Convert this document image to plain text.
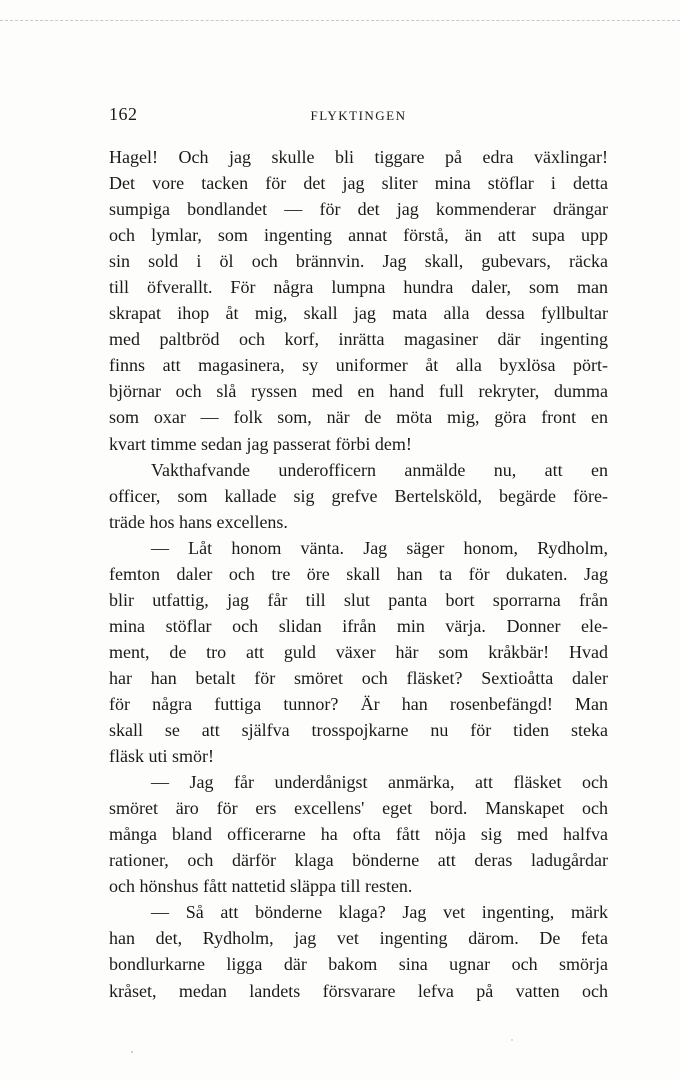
162	FLYKTINGEN
Hagel! Och jag skulle bli tiggare på edra växlingar!
Det vore tacken för det jag sliter mina stöflar i detta
sumpiga bondlandet — för det jag kommenderar drängar
och lymlar, som ingenting annat förstå, än att supa upp
sin sold i öl och brännvin. Jag skall, gubevars, räcka
till öfverallt. För några lumpna hundra daler, som man
skrapat ihop åt mig, skall jag mata alla dessa fyllbultar
med paltbröd och korf, inrätta magasiner där ingenting
finns att magasinera, sy uniformer åt alla byxlösa pört-
björnar och slå ryssen med en hand full rekryter, dumma
som oxar — folk som, när de möta mig, göra front en
kvart timme sedan jag passerat förbi dem!
Vakthafvande underofficern anmälde nu, att en
officer, som kallade sig grefve Bertelsköld, begärde före-
träde hos hans excellens.
— Låt honom vänta. Jag säger honom, Rydholm,
femton daler och tre öre skall han ta för dukaten. Jag
blir utfattig, jag får till slut panta bort sporrarna från
mina stöflar och slidan ifrån min värja. Donner ele-
ment, de tro att guld växer här som kråkbär! Hvad
har han betalt för smöret och fläsket? Sextioåtta daler
för några futtiga tunnor? Är han rosenbefängd! Man
skall se att själfva trosspojkarne nu för tiden steka
fläsk uti smör!
— Jag får underdånigst anmärka, att fläsket och
smöret äro för ers excellens' eget bord. Manskapet och
många bland officerarne ha ofta fått nöja sig med halfva
rationer, och därför klaga bönderne att deras ladugårdar
och hönshus fått nattetid släppa till resten.
— Så att bönderne klaga? Jag vet ingenting, märk
han det, Rydholm, jag vet ingenting därom. De feta
bondlurkarne ligga där bakom sina ugnar och smörja
kråset, medan landets försvarare lefva på vatten och
